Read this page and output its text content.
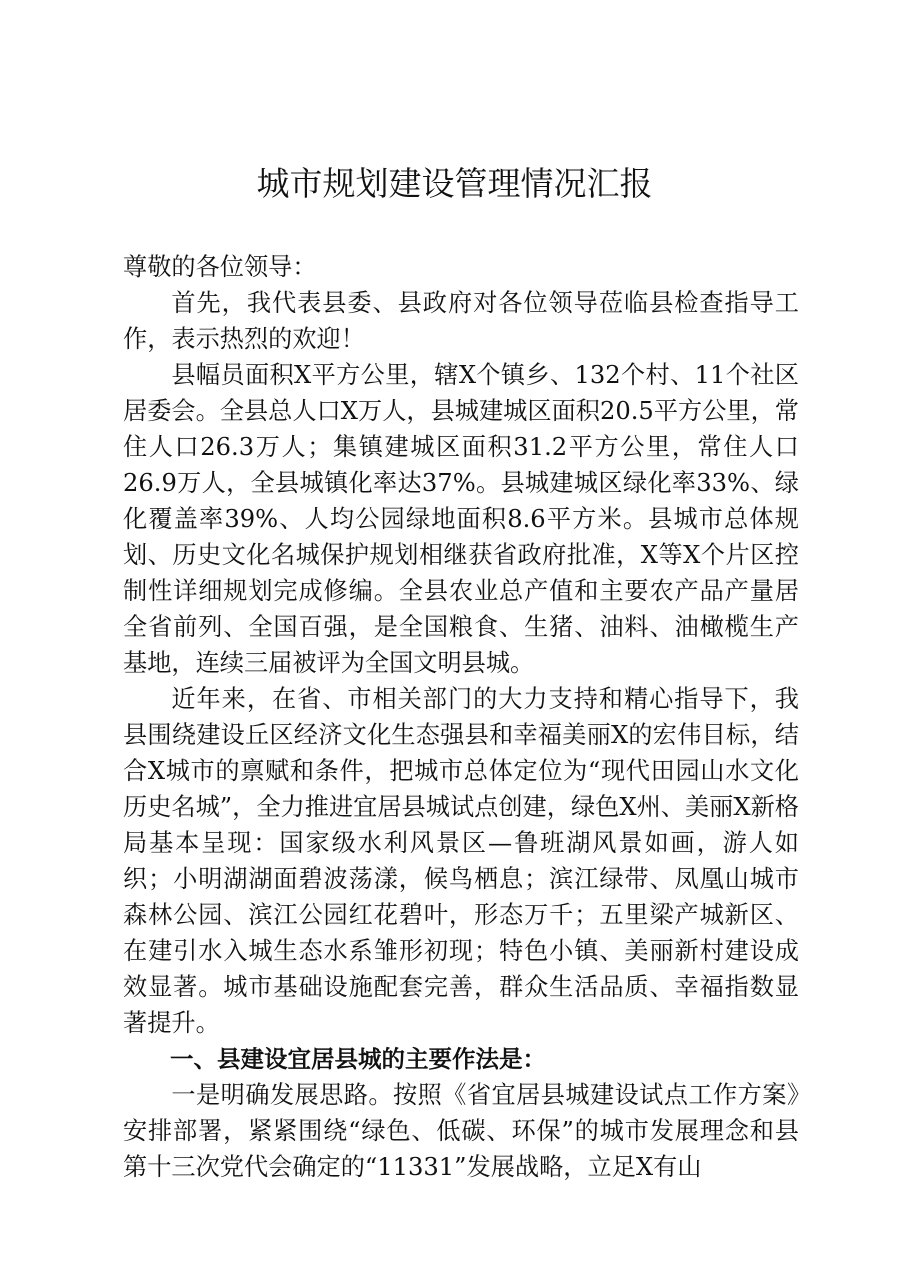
城市规划建设管理情况汇报

尊敬的各位领导：

首先，我代表县委、县政府对各位领导莅临县检查指导工作，表示热烈的欢迎！

县幅员面积X平方公里，辖X个镇乡、132个村、11个社区居委会。全县总人口X万人，县城建城区面积20.5平方公里，常住人口26.3万人；集镇建城区面积31.2平方公里，常住人口26.9万人，全县城镇化率达37%。县城建城区绿化率33%、绿化覆盖率39%、人均公园绿地面积8.6平方米。县城市总体规划、历史文化名城保护规划相继获省政府批准，X等X个片区控制性详细规划完成修编。全县农业总产值和主要农产品产量居全省前列、全国百强，是全国粮食、生猪、油料、油橄榄生产基地，连续三届被评为全国文明县城。

近年来，在省、市相关部门的大力支持和精心指导下，我县围绕建设丘区经济文化生态强县和幸福美丽X的宏伟目标，结合X城市的禀赋和条件，把城市总体定位为“现代田园山水文化历史名城”，全力推进宜居县城试点创建，绿色X州、美丽X新格局基本呈现：国家级水利风景区—鲁班湖风景如画，游人如织；小明湖湖面碧波荡漾，候鸟栖息；滨江绿带、凤凰山城市森林公园、滨江公园红花碧叶，形态万千；五里梁产城新区、在建引水入城生态水系雏形初现；特色小镇、美丽新村建设成效显著。城市基础设施配套完善，群众生活品质、幸福指数显著提升。

一、县建设宜居县城的主要作法是：

一是明确发展思路。按照《省宜居县城建设试点工作方案》安排部署，紧紧围绕“绿色、低碳、环保”的城市发展理念和县第十三次党代会确定的“11331”发展战略，立足X有山
